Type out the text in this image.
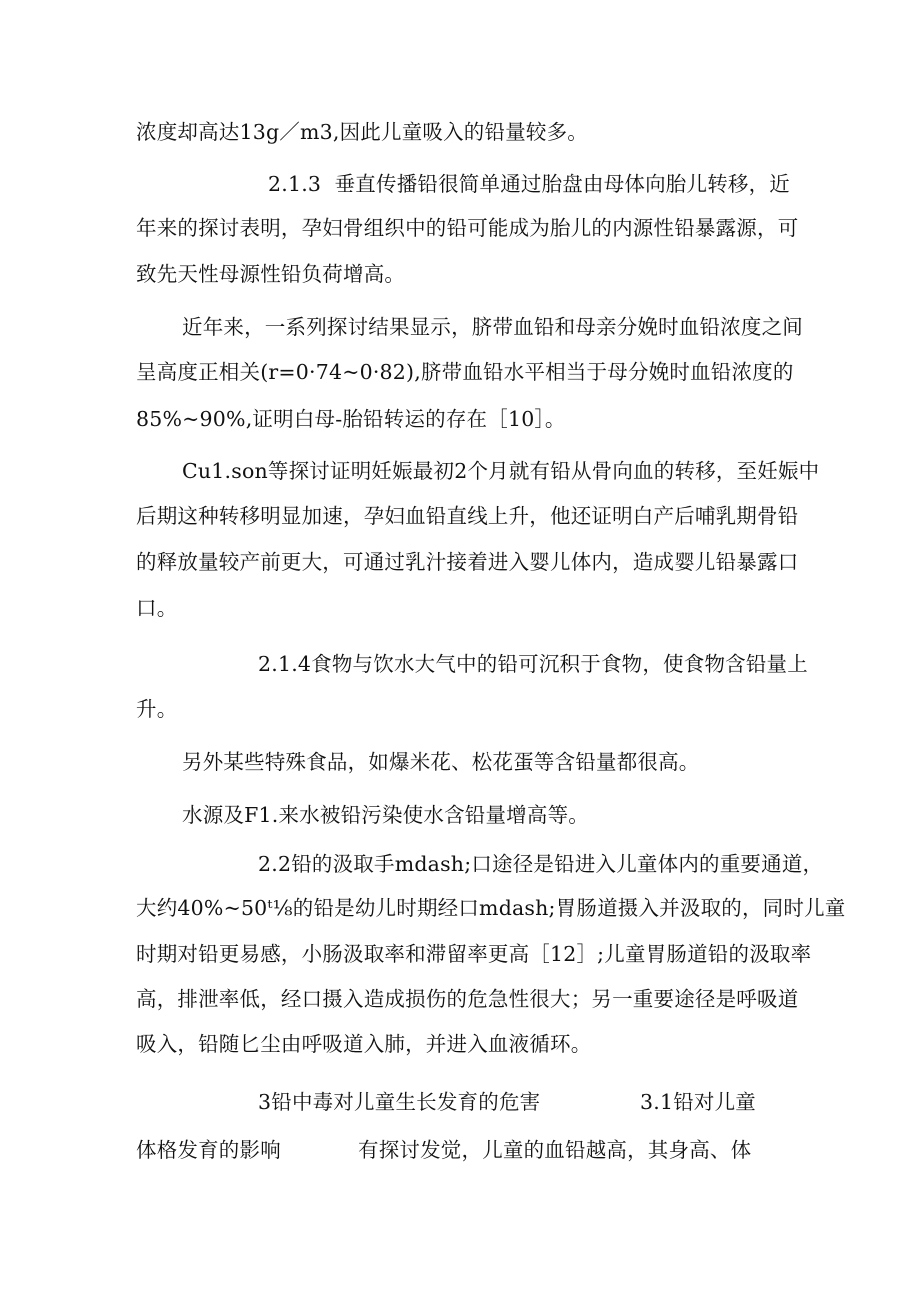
浓度却高达13g／m3,因此儿童吸入的铅量较多。
2.1.3  垂直传播铅很简单通过胎盘由母体向胎儿转移，近
年来的探讨表明，孕妇骨组织中的铅可能成为胎儿的内源性铅暴露源，可
致先天性母源性铅负荷增高。
近年来，一系列探讨结果显示，脐带血铅和母亲分娩时血铅浓度之间
呈高度正相关(r=0·74~0·82),脐带血铅水平相当于母分娩时血铅浓度的
85%~90%,证明白母-胎铅转运的存在［10］。
Cu1.son等探讨证明妊娠最初2个月就有铅从骨向血的转移，至妊娠中
后期这种转移明显加速，孕妇血铅直线上升，他还证明白产后哺乳期骨铅
的释放量较产前更大，可通过乳汁接着进入婴儿体内，造成婴儿铅暴露口
口。
2.1.4食物与饮水大气中的铅可沉积于食物，使食物含铅量上
升。
另外某些特殊食品，如爆米花、松花蛋等含铅量都很高。
水源及F1.来水被铅污染使水含铅量增高等。
2.2铅的汲取手mdash;口途径是铅进入儿童体内的重要通道，
大约40%~50ᵗ⅛的铅是幼儿时期经口mdash;胃肠道摄入并汲取的，同时儿童
时期对铅更易感，小肠汲取率和滞留率更高［12］;儿童胃肠道铅的汲取率
高，排泄率低，经口摄入造成损伤的危急性很大；另一重要途径是呼吸道
吸入，铅随匕尘由呼吸道入肺，并进入血液循环。
3铅中毒对儿童生长发育的危害	3.1铅对儿童
体格发育的影响	有探讨发觉，儿童的血铅越高，其身高、体
